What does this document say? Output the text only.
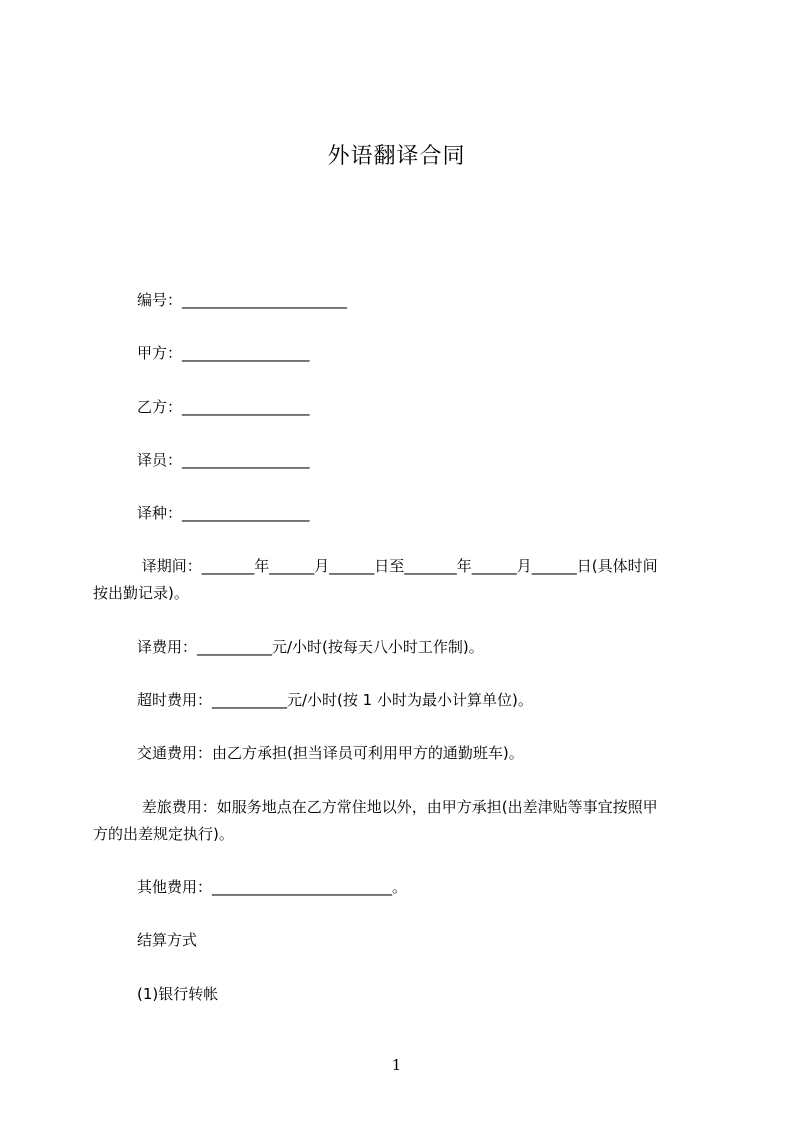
外语翻译合同
编号：______________________
甲方：_________________
乙方：_________________
译员：_________________
译种：_________________
译期间：_______年______月______日至_______年______月______日(具体时间
按出勤记录)。
译费用：__________元/小时(按每天八小时工作制)。
超时费用：__________元/小时(按 1 小时为最小计算单位)。
交通费用：由乙方承担(担当译员可利用甲方的通勤班车)。
差旅费用：如服务地点在乙方常住地以外，由甲方承担(出差津贴等事宜按照甲
方的出差规定执行)。
其他费用：________________________。
结算方式
(1)银行转帐
1
